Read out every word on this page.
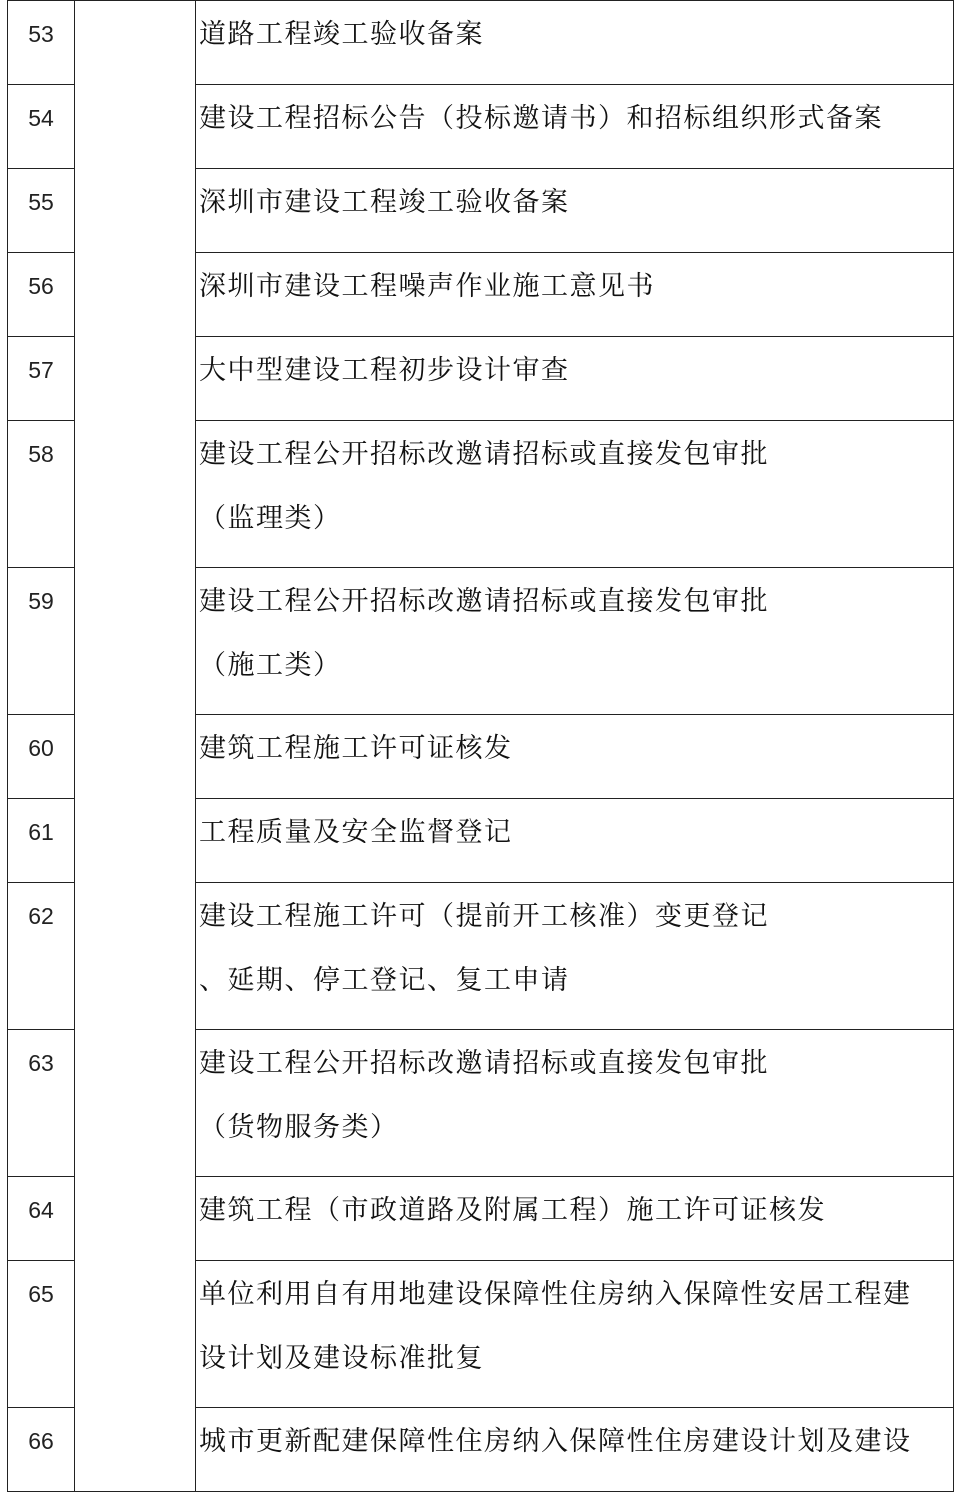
53		道路工程竣工验收备案
54		建设工程招标公告（投标邀请书）和招标组织形式备案
55		深圳市建设工程竣工验收备案
56		深圳市建设工程噪声作业施工意见书
57		大中型建设工程初步设计审查
58		建设工程公开招标改邀请招标或直接发包审批
（监理类）
59		建设工程公开招标改邀请招标或直接发包审批
（施工类）
60		建筑工程施工许可证核发
61		工程质量及安全监督登记
62		建设工程施工许可（提前开工核准）变更登记
、延期、停工登记、复工申请
63		建设工程公开招标改邀请招标或直接发包审批
（货物服务类）
64		建筑工程（市政道路及附属工程）施工许可证核发
65		单位利用自有用地建设保障性住房纳入保障性安居工程建
设计划及建设标准批复
66		城市更新配建保障性住房纳入保障性住房建设计划及建设
